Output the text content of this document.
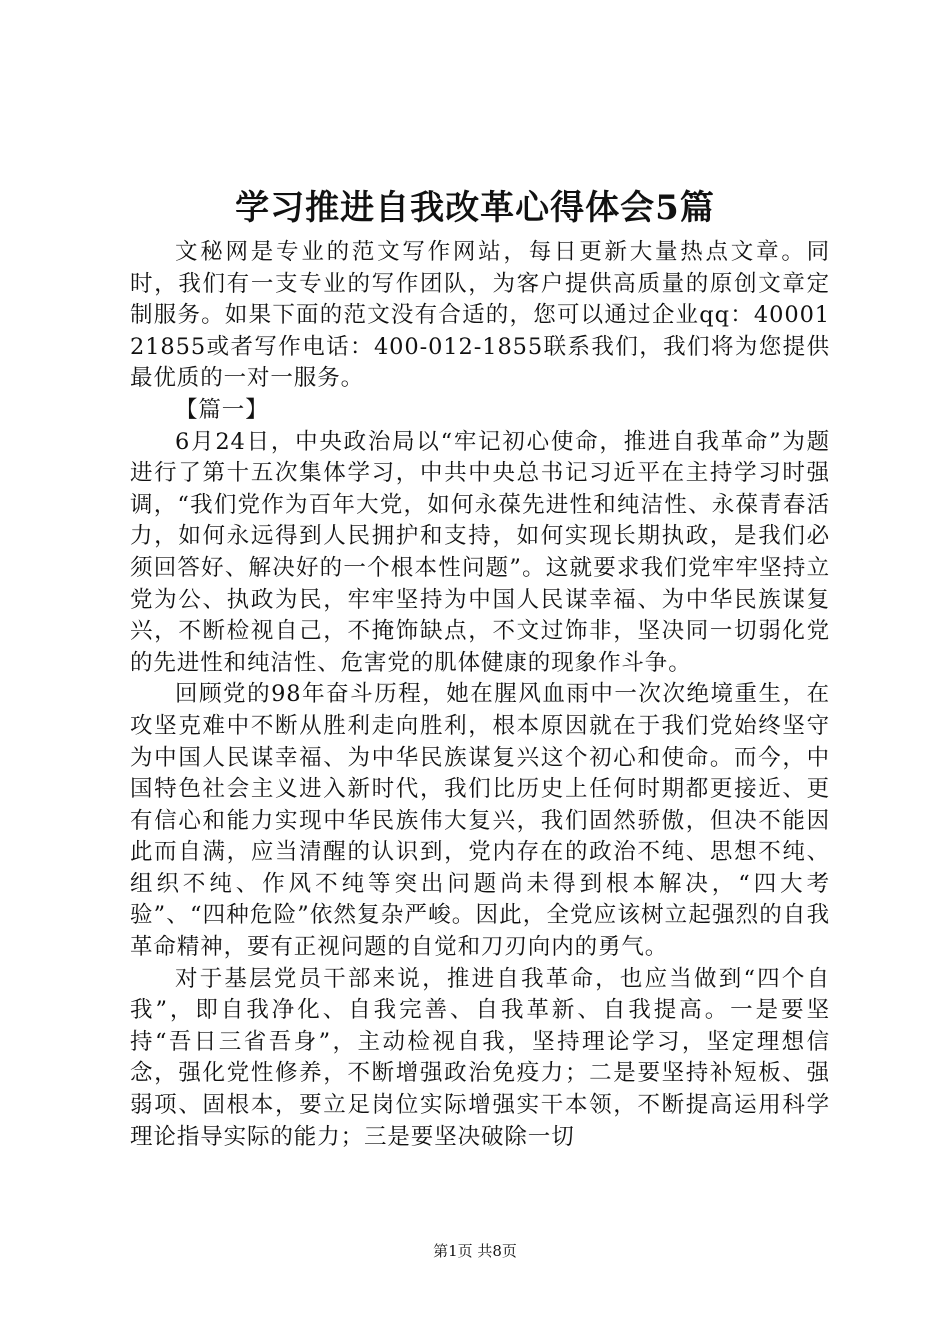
学习推进自我改革心得体会5篇

文秘网是专业的范文写作网站，每日更新大量热点文章。同时，我们有一支专业的写作团队，为客户提供高质量的原创文章定制服务。如果下面的范文没有合适的，您可以通过企业qq：4000121855或者写作电话：400-012-1855联系我们，我们将为您提供最优质的一对一服务。

【篇一】

6月24日，中央政治局以“牢记初心使命，推进自我革命”为题进行了第十五次集体学习，中共中央总书记习近平在主持学习时强调，“我们党作为百年大党，如何永葆先进性和纯洁性、永葆青春活力，如何永远得到人民拥护和支持，如何实现长期执政，是我们必须回答好、解决好的一个根本性问题”。这就要求我们党牢牢坚持立党为公、执政为民，牢牢坚持为中国人民谋幸福、为中华民族谋复兴，不断检视自己，不掩饰缺点，不文过饰非，坚决同一切弱化党的先进性和纯洁性、危害党的肌体健康的现象作斗争。

回顾党的98年奋斗历程，她在腥风血雨中一次次绝境重生，在攻坚克难中不断从胜利走向胜利，根本原因就在于我们党始终坚守为中国人民谋幸福、为中华民族谋复兴这个初心和使命。而今，中国特色社会主义进入新时代，我们比历史上任何时期都更接近、更有信心和能力实现中华民族伟大复兴，我们固然骄傲，但决不能因此而自满，应当清醒的认识到，党内存在的政治不纯、思想不纯、组织不纯、作风不纯等突出问题尚未得到根本解决，“四大考验”、“四种危险”依然复杂严峻。因此，全党应该树立起强烈的自我革命精神，要有正视问题的自觉和刀刃向内的勇气。

对于基层党员干部来说，推进自我革命，也应当做到“四个自我”，即自我净化、自我完善、自我革新、自我提高。一是要坚持“吾日三省吾身”，主动检视自我，坚持理论学习，坚定理想信念，强化党性修养，不断增强政治免疫力；二是要坚持补短板、强弱项、固根本，要立足岗位实际增强实干本领，不断提高运用科学理论指导实际的能力；三是要坚决破除一切

第1页 共8页
